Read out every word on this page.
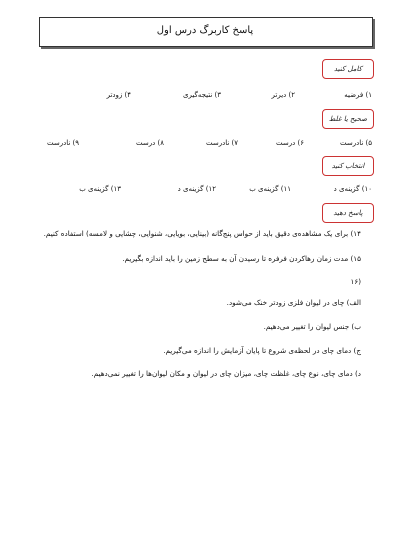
پاسخ کاربرگ درس اول
کامل کنید
۱) فرضیه
۲) دیرتر
۳) نتیجه‌گیری
۴) زودتر
صحیح یا غلط
۵) نادرست
۶) درست
۷) نادرست
۸) درست
۹) نادرست
انتخاب کنید
۱۰) گزینه‌ی د
۱۱) گزینه‌ی ب
۱۲) گزینه‌ی د
۱۳) گزینه‌ی ب
پاسخ دهید
۱۴) برای یک مشاهده‌ی دقیق باید از حواس پنج‌گانه (بینایی، بویایی، شنوایی، چشایی و لامسه) استفاده کنیم.
۱۵) مدت زمان رهاکردن فرفره تا رسیدن آن به سطح زمین را باید اندازه بگیریم.
۱۶)
الف) چای در لیوان فلزی زودتر خنک می‌شود.
ب) جنس لیوان را تغییر می‌دهیم.
ج) دمای چای در لحظه‌ی شروع تا پایان آزمایش را اندازه می‌گیریم.
د) دمای چای، نوع چای، غلظت چای، میزان چای در لیوان و مکان لیوان‌ها را تغییر نمی‌دهیم.
